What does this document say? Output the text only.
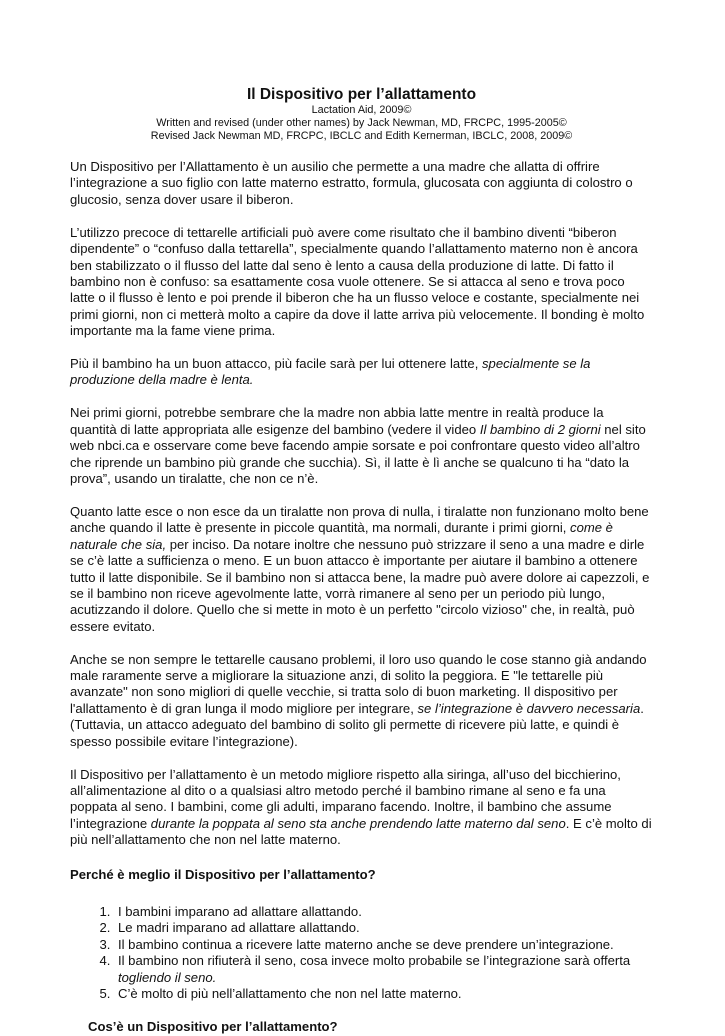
Il Dispositivo per l’allattamento

Lactation Aid, 2009©

Written and revised (under other names) by Jack Newman, MD, FRCPC, 1995-2005©

Revised Jack Newman MD, FRCPC, IBCLC and Edith Kernerman, IBCLC, 2008, 2009©

Un Dispositivo per l’Allattamento è un ausilio che permette a una madre che allatta di offrire l’integrazione a suo figlio con latte materno estratto, formula, glucosata con aggiunta di colostro o glucosio, senza dover usare il biberon.

L’utilizzo precoce di tettarelle artificiali può avere come risultato che il bambino diventi “biberon dipendente” o “confuso dalla tettarella”, specialmente quando l’allattamento materno non è ancora ben stabilizzato o il flusso del latte dal seno è lento a causa della produzione di latte. Di fatto il bambino non è confuso: sa esattamente cosa vuole ottenere. Se si attacca al seno e trova poco latte o il flusso è lento e poi prende il biberon che ha un flusso veloce e costante, specialmente nei primi giorni, non ci metterà molto a capire da dove il latte arriva più velocemente. Il bonding è molto importante ma la fame viene prima.

Più il bambino ha un buon attacco, più facile sarà per lui ottenere latte, specialmente se la produzione della madre è lenta.

Nei primi giorni, potrebbe sembrare che la madre non abbia latte mentre in realtà produce la quantità di latte appropriata alle esigenze del bambino (vedere il video Il bambino di 2 giorni nel sito web nbci.ca e osservare come beve facendo ampie sorsate e poi confrontare questo video all’altro che riprende un bambino più grande che succhia). Sì, il latte è lì anche se qualcuno ti ha “dato la prova”, usando un tiralatte, che non ce n’è.

Quanto latte esce o non esce da un tiralatte non prova di nulla, i tiralatte non funzionano molto bene anche quando il latte è presente in piccole quantità, ma normali, durante i primi giorni, come è naturale che sia, per inciso. Da notare inoltre che nessuno può strizzare il seno a una madre e dirle se c’è latte a sufficienza o meno. E un buon attacco è importante per aiutare il bambino a ottenere tutto il latte disponibile. Se il bambino non si attacca bene, la madre può avere dolore ai capezzoli, e se il bambino non riceve agevolmente latte, vorrà rimanere al seno per un periodo più lungo, acutizzando il dolore. Quello che si mette in moto è un perfetto "circolo vizioso" che, in realtà, può essere evitato.

Anche se non sempre le tettarelle causano problemi, il loro uso quando le cose stanno già andando male raramente serve a migliorare la situazione anzi, di solito la peggiora. E "le tettarelle più avanzate" non sono migliori di quelle vecchie, si tratta solo di buon marketing. Il dispositivo per l'allattamento è di gran lunga il modo migliore per integrare, se l’integrazione è davvero necessaria. (Tuttavia, un attacco adeguato del bambino di solito gli permette di ricevere più latte, e quindi è spesso possibile evitare l’integrazione).

Il Dispositivo per l’allattamento è un metodo migliore rispetto alla siringa, all’uso del bicchierino, all’alimentazione al dito o a qualsiasi altro metodo perché il bambino rimane al seno e fa una poppata al seno. I bambini, come gli adulti, imparano facendo. Inoltre, il bambino che assume l’integrazione durante la poppata al seno sta anche prendendo latte materno dal seno. E c’è molto di più nell’allattamento che non nel latte materno.

Perché è meglio il Dispositivo per l’allattamento?

1. I bambini imparano ad allattare allattando.
2. Le madri imparano ad allattare allattando.
3. Il bambino continua a ricevere latte materno anche se deve prendere un’integrazione.
4. Il bambino non rifiuterà il seno, cosa invece molto probabile se l’integrazione sarà offerta togliendo il seno.
5. C’è molto di più nell’allattamento che non nel latte materno.

Cos’è un Dispositivo per l’allattamento?
